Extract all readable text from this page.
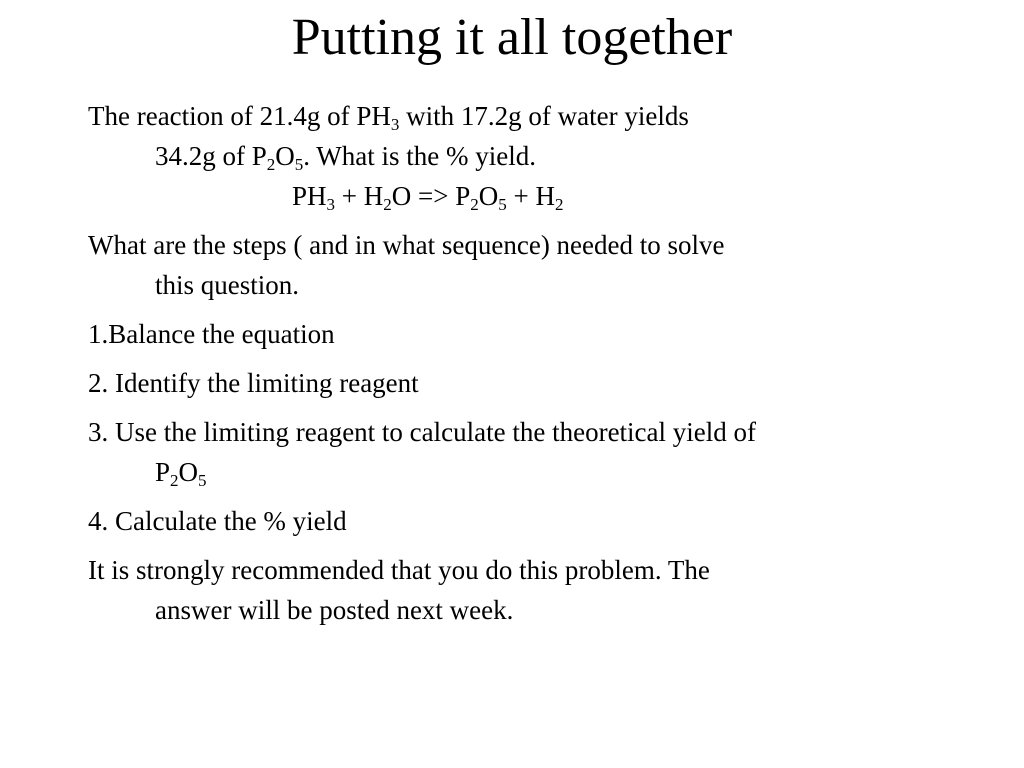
Putting it all together
The reaction of 21.4g of $PH_3$ with 17.2g of water yields
34.2g of $P_2O_5$. What is the % yield.
$PH_3 + H_2O => P_2O_5 + H_2$
What are the steps ( and in what sequence) needed to solve
this question.
1.Balance the equation
2. Identify the limiting reagent
3. Use the limiting reagent to calculate the theoretical yield of
$P_2O_5$
4. Calculate the % yield
It is strongly recommended that you do this problem. The
answer will be posted next week.
